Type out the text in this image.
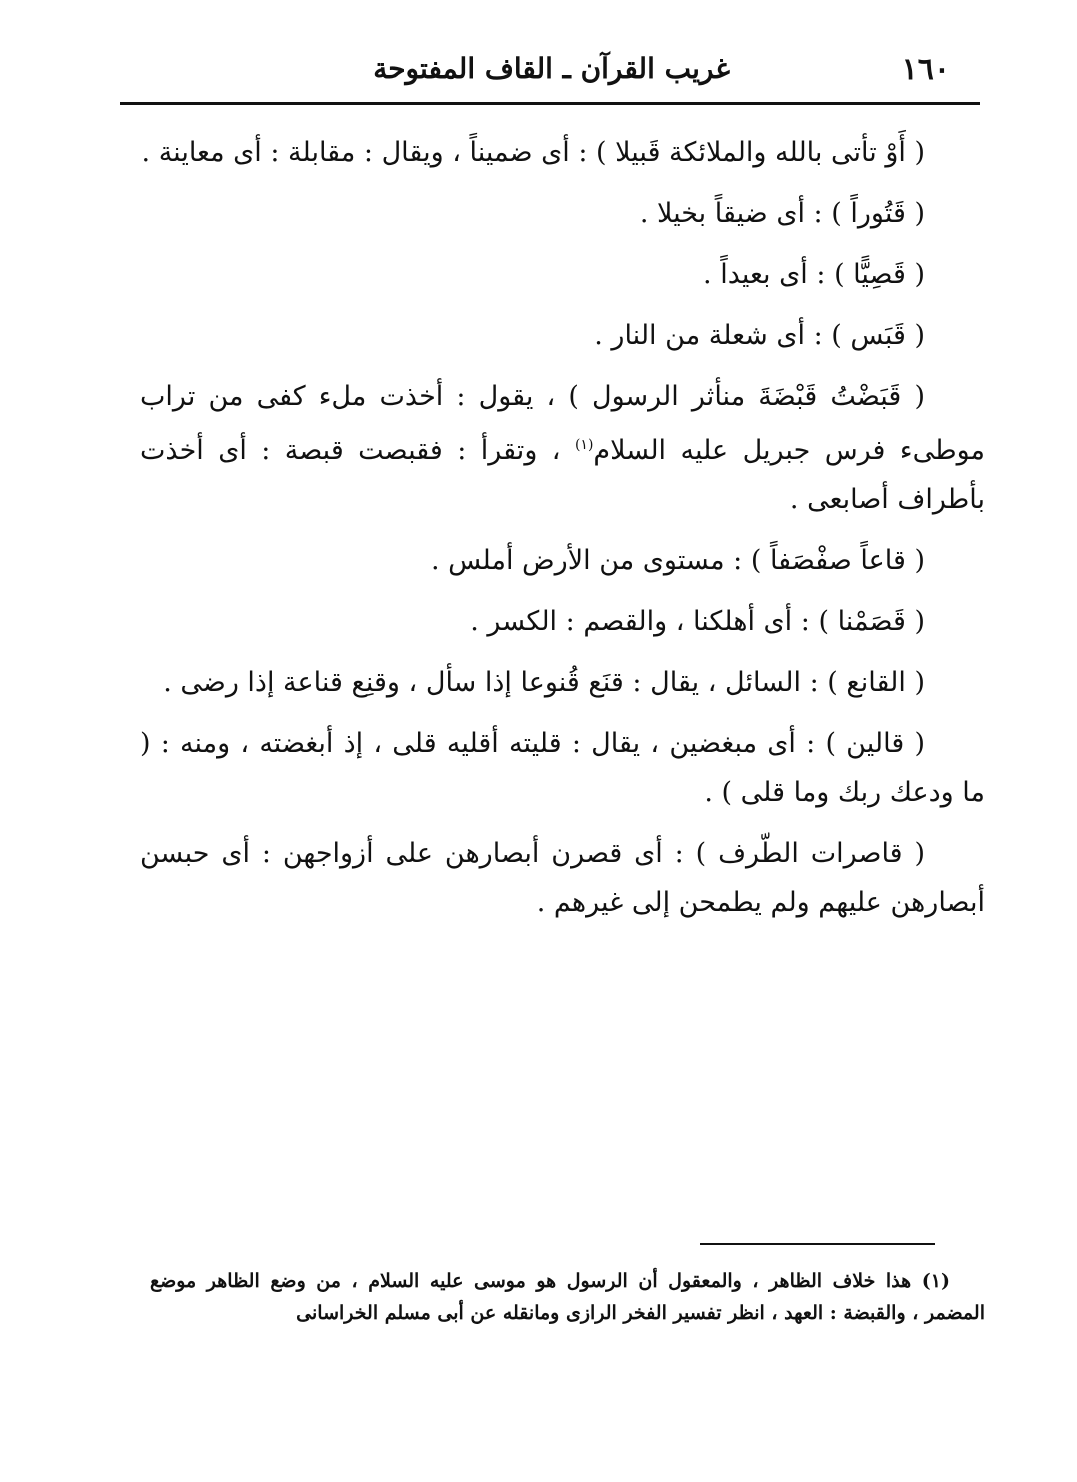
١٦٠
غريب القرآن ـ القاف المفتوحة

( أَوْ تأتى بالله والملائكة قَبيلا ) : أى ضميناً ، ويقال : مقابلة : أى معاينة .

( قَتُوراً ) : أى ضيقاً بخيلا .

( قَصِيًّا ) : أى بعيداً .

( قَبَس ) : أى شعلة من النار .

( قَبَضْتُ قَبْضَةَ منأثر الرسول ) ، يقول : أخذت ملء كفى من تراب موطىء فرس جبريل عليه السلام$^{(١)}$ ، وتقرأ : فقبصت قبصة : أى أخذت بأطراف أصابعى .

( قاعاً صفْصَفاً ) : مستوى من الأرض أملس .

( قَصَمْنا ) : أى أهلكنا ، والقصم : الكسر .

( القانع ) : السائل ، يقال : قنَع قُنوعا إذا سأل ، وقنِع قناعة إذا رضى .

( قالين ) : أى مبغضين ، يقال : قليته أقليه قلى ، إذ أبغضته ، ومنه : ( ما ودعك ربك وما قلى ) .

( قاصرات الطّرف ) : أى قصرن أبصارهن على أزواجهن : أى حبسن أبصارهن عليهم ولم يطمحن إلى غيرهم .

(١) هذا خلاف الظاهر ، والمعقول أن الرسول هو موسى عليه السلام ، من وضع الظاهر موضع المضمر ، والقبضة : العهد ، انظر تفسير الفخر الرازى ومانقله عن أبى مسلم الخراسانى
